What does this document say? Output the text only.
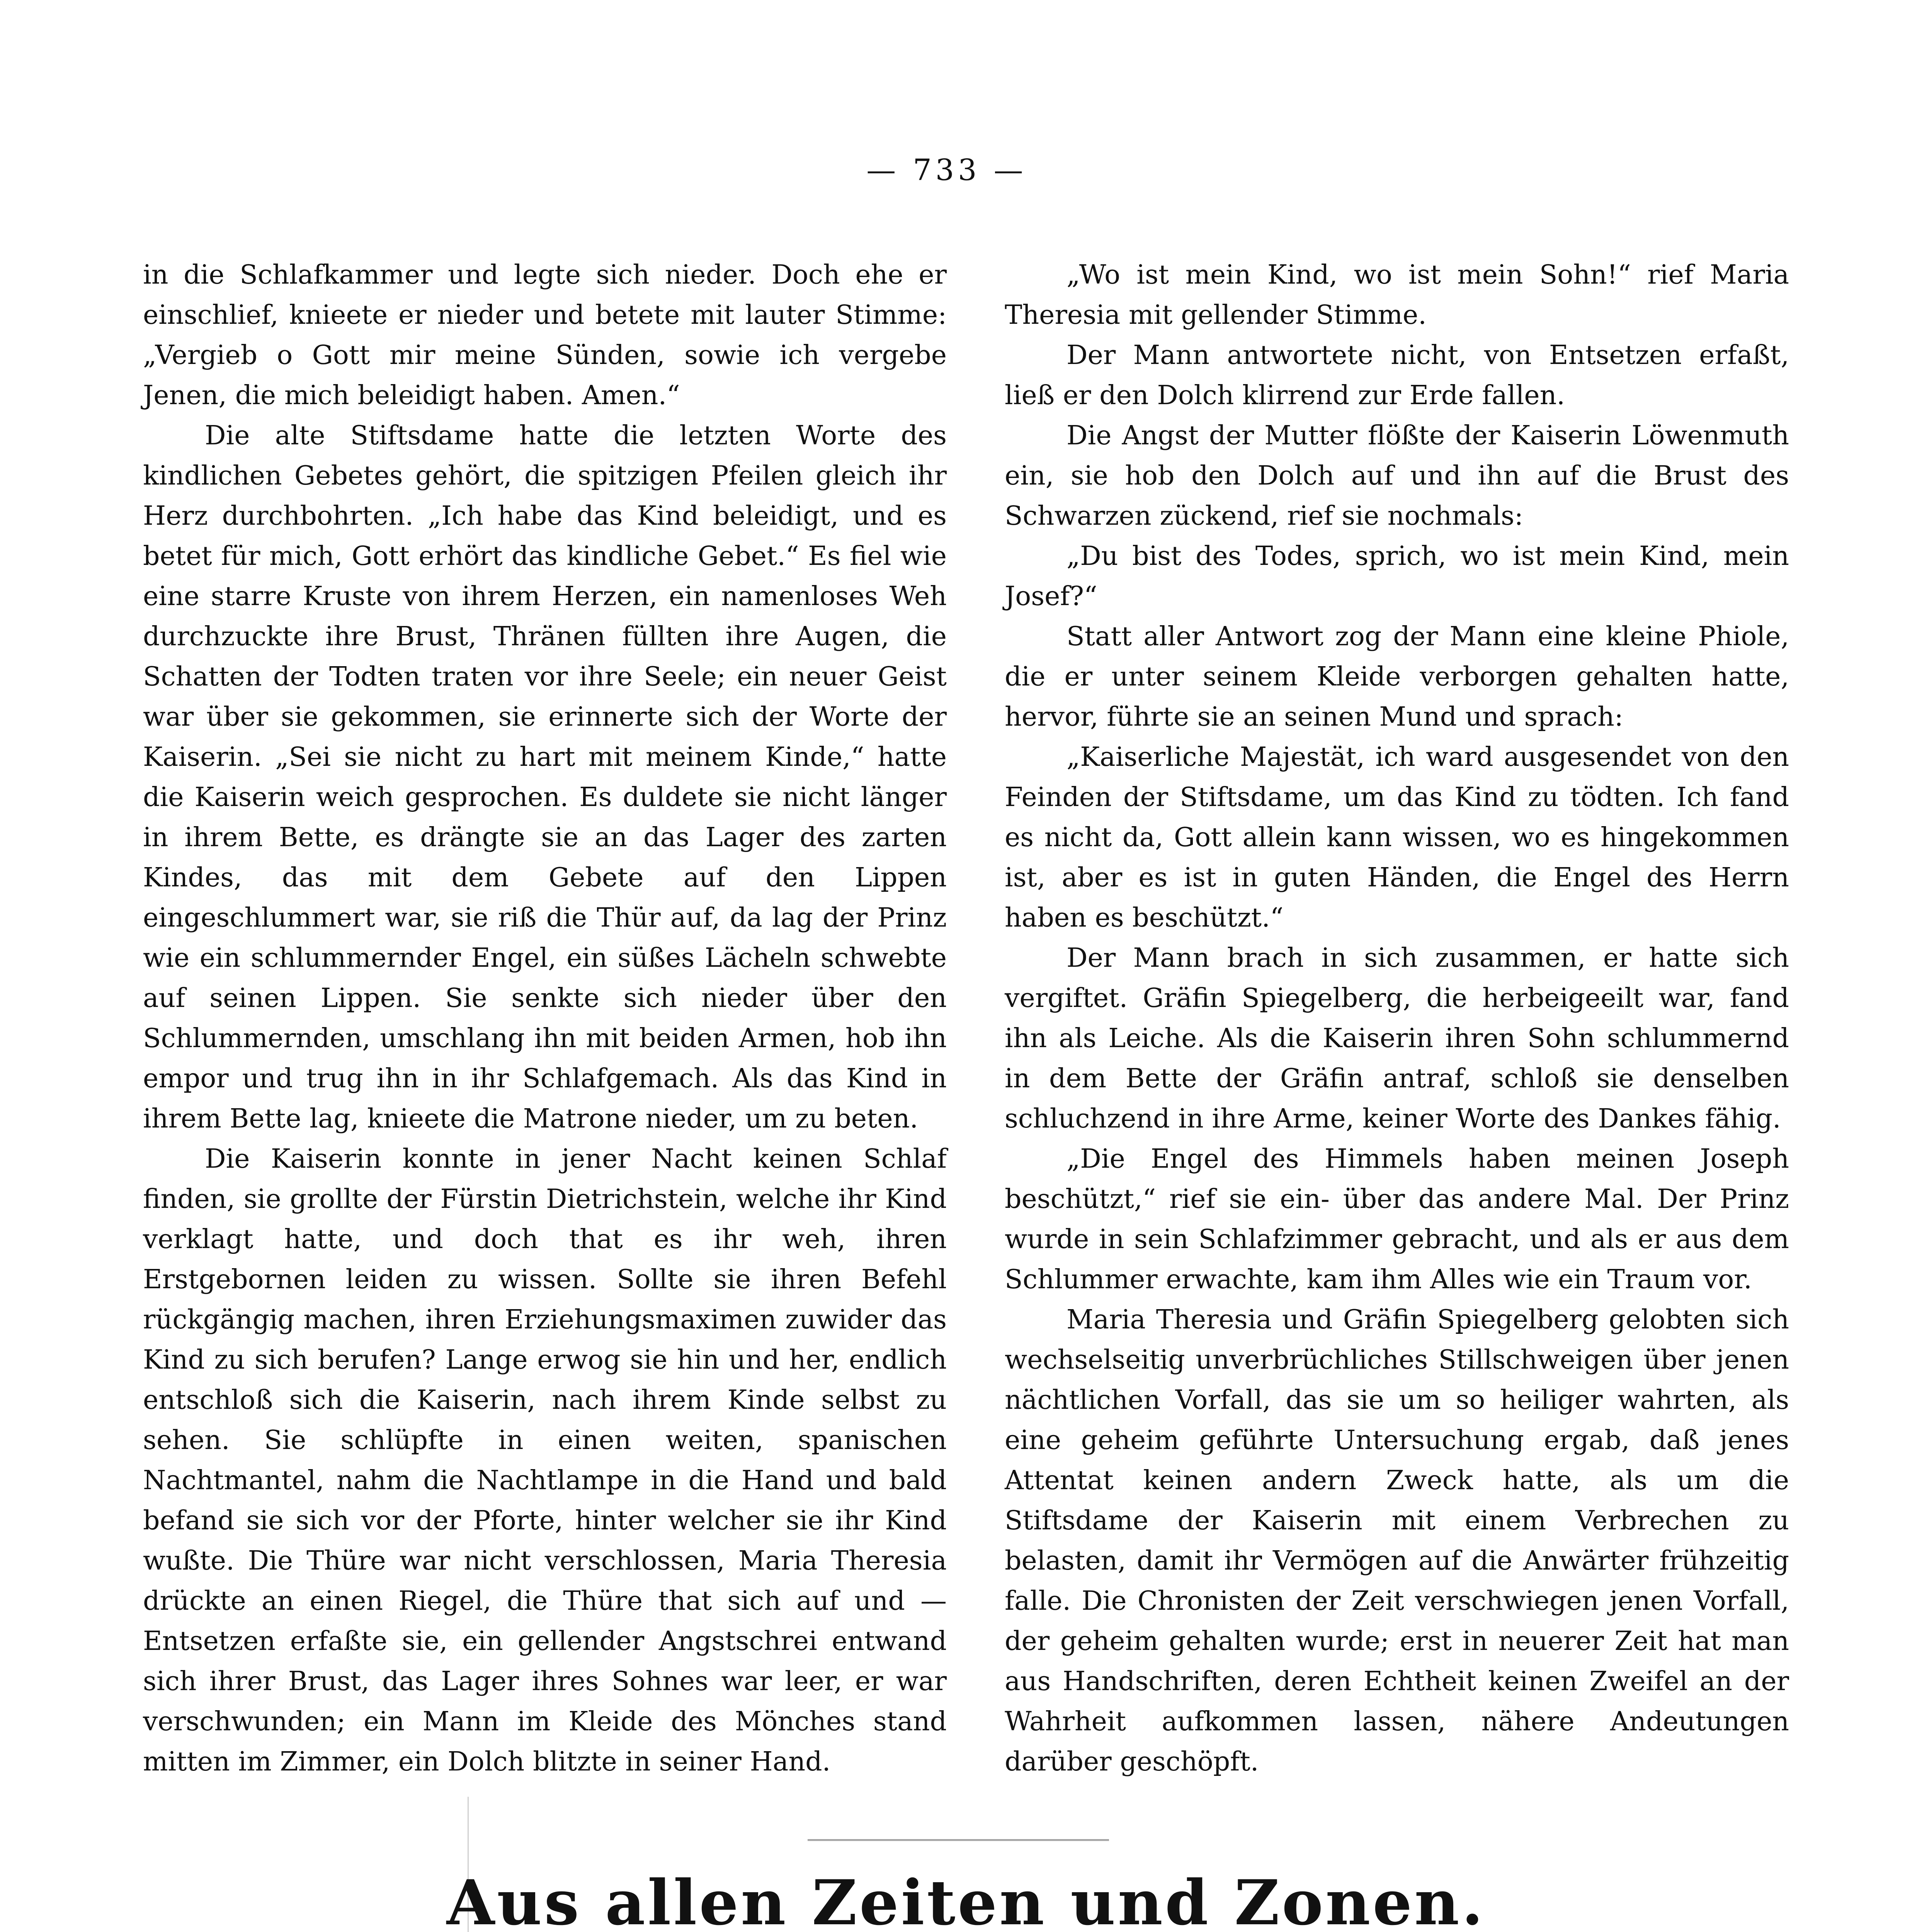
— 733 —

in die Schlafkammer und legte sich nieder. Doch ehe er einschlief, knieete er nieder und betete mit lauter Stimme: „Vergieb o Gott mir meine Sünden, sowie ich vergebe Jenen, die mich beleidigt haben. Amen.“

Die alte Stiftsdame hatte die letzten Worte des kindlichen Gebetes gehört, die spitzigen Pfeilen gleich ihr Herz durchbohrten. „Ich habe das Kind beleidigt, und es betet für mich, Gott erhört das kindliche Gebet.“ Es fiel wie eine starre Kruste von ihrem Herzen, ein namenloses Weh durchzuckte ihre Brust, Thränen füllten ihre Augen, die Schatten der Todten traten vor ihre Seele; ein neuer Geist war über sie gekommen, sie erinnerte sich der Worte der Kaiserin. „Sei sie nicht zu hart mit meinem Kinde,“ hatte die Kaiserin weich gesprochen. Es duldete sie nicht länger in ihrem Bette, es drängte sie an das Lager des zarten Kindes, das mit dem Gebete auf den Lippen eingeschlummert war, sie riß die Thür auf, da lag der Prinz wie ein schlummernder Engel, ein süßes Lächeln schwebte auf seinen Lippen. Sie senkte sich nieder über den Schlummernden, umschlang ihn mit beiden Armen, hob ihn empor und trug ihn in ihr Schlafgemach. Als das Kind in ihrem Bette lag, knieete die Matrone nieder, um zu beten.

Die Kaiserin konnte in jener Nacht keinen Schlaf finden, sie grollte der Fürstin Dietrichstein, welche ihr Kind verklagt hatte, und doch that es ihr weh, ihren Erstgebornen leiden zu wissen. Sollte sie ihren Befehl rückgängig machen, ihren Erziehungsmaximen zuwider das Kind zu sich berufen? Lange erwog sie hin und her, endlich entschloß sich die Kaiserin, nach ihrem Kinde selbst zu sehen. Sie schlüpfte in einen weiten, spanischen Nachtmantel, nahm die Nachtlampe in die Hand und bald befand sie sich vor der Pforte, hinter welcher sie ihr Kind wußte. Die Thüre war nicht verschlossen, Maria Theresia drückte an einen Riegel, die Thüre that sich auf und — Entsetzen erfaßte sie, ein gellender Angstschrei entwand sich ihrer Brust, das Lager ihres Sohnes war leer, er war verschwunden; ein Mann im Kleide des Mönches stand mitten im Zimmer, ein Dolch blitzte in seiner Hand.

„Wo ist mein Kind, wo ist mein Sohn!“ rief Maria Theresia mit gellender Stimme.

Der Mann antwortete nicht, von Entsetzen erfaßt, ließ er den Dolch klirrend zur Erde fallen.

Die Angst der Mutter flößte der Kaiserin Löwenmuth ein, sie hob den Dolch auf und ihn auf die Brust des Schwarzen zückend, rief sie nochmals:

„Du bist des Todes, sprich, wo ist mein Kind, mein Josef?“

Statt aller Antwort zog der Mann eine kleine Phiole, die er unter seinem Kleide verborgen gehalten hatte, hervor, führte sie an seinen Mund und sprach:

„Kaiserliche Majestät, ich ward ausgesendet von den Feinden der Stiftsdame, um das Kind zu tödten. Ich fand es nicht da, Gott allein kann wissen, wo es hingekommen ist, aber es ist in guten Händen, die Engel des Herrn haben es beschützt.“

Der Mann brach in sich zusammen, er hatte sich vergiftet. Gräfin Spiegelberg, die herbeigeeilt war, fand ihn als Leiche. Als die Kaiserin ihren Sohn schlummernd in dem Bette der Gräfin antraf, schloß sie denselben schluchzend in ihre Arme, keiner Worte des Dankes fähig.

„Die Engel des Himmels haben meinen Joseph beschützt,“ rief sie ein- über das andere Mal. Der Prinz wurde in sein Schlafzimmer gebracht, und als er aus dem Schlummer erwachte, kam ihm Alles wie ein Traum vor.

Maria Theresia und Gräfin Spiegelberg gelobten sich wechselseitig unverbrüchliches Stillschweigen über jenen nächtlichen Vorfall, das sie um so heiliger wahrten, als eine geheim geführte Untersuchung ergab, daß jenes Attentat keinen andern Zweck hatte, als um die Stiftsdame der Kaiserin mit einem Verbrechen zu belasten, damit ihr Vermögen auf die Anwärter frühzeitig falle. Die Chronisten der Zeit verschwiegen jenen Vorfall, der geheim gehalten wurde; erst in neuerer Zeit hat man aus Handschriften, deren Echtheit keinen Zweifel an der Wahrheit aufkommen lassen, nähere Andeutungen darüber geschöpft.

Aus allen Zeiten und Zonen.
